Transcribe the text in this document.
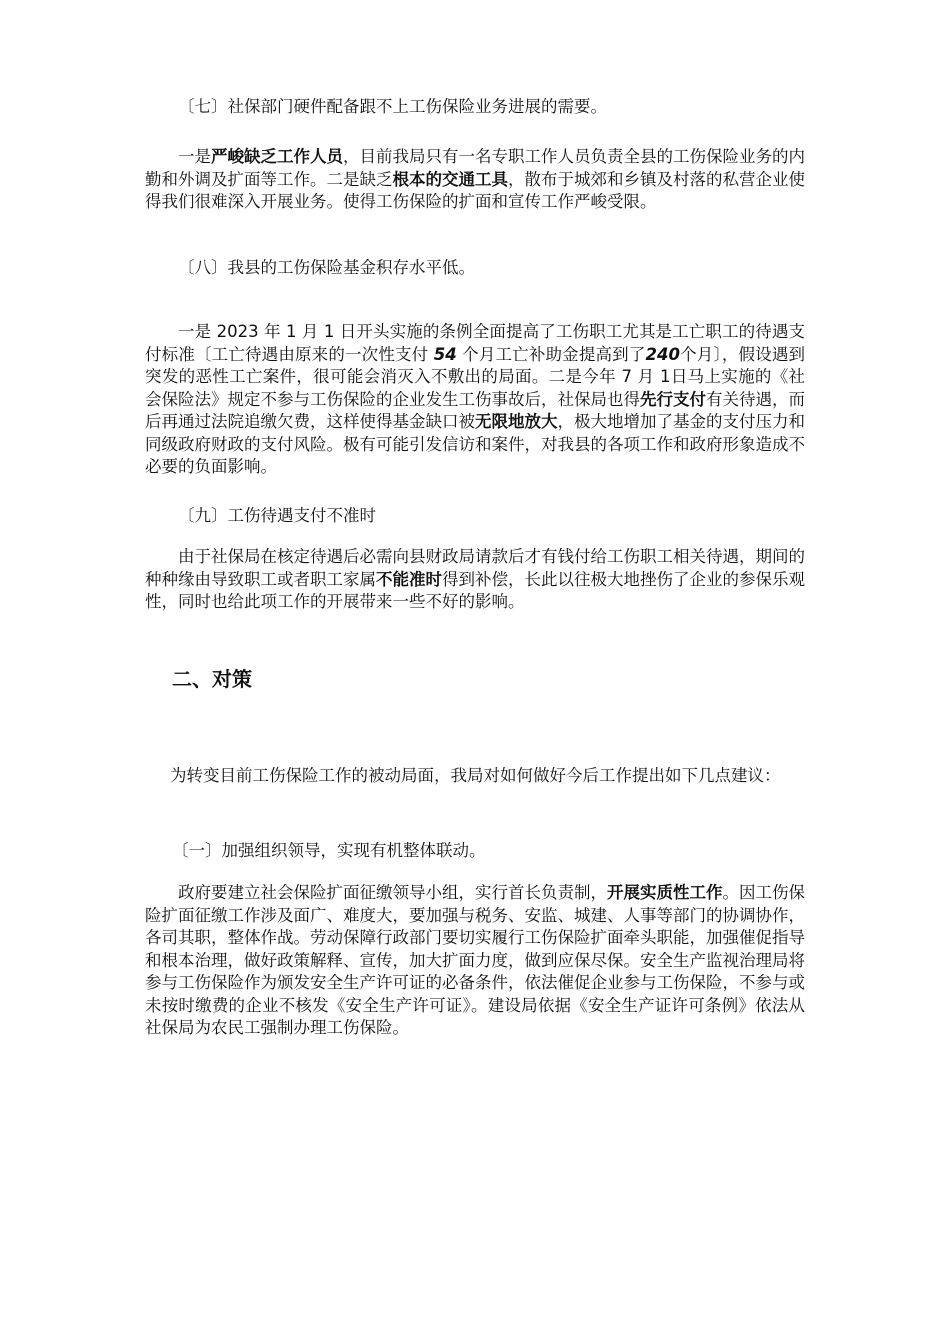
〔七〕社保部门硬件配备跟不上工伤保险业务进展的需要。

一是严峻缺乏工作人员，目前我局只有一名专职工作人员负责全县的工伤保险业务的内勤和外调及扩面等工作。二是缺乏根本的交通工具，散布于城郊和乡镇及村落的私营企业使得我们很难深入开展业务。使得工伤保险的扩面和宣传工作严峻受限。

〔八〕我县的工伤保险基金积存水平低。

一是 2023 年 1 月 1 日开头实施的条例全面提高了工伤职工尤其是工亡职工的待遇支付标准〔工亡待遇由原来的一次性支付 54 个月工亡补助金提高到了240个月〕，假设遇到突发的恶性工亡案件，很可能会消灭入不敷出的局面。二是今年 7 月 1日马上实施的《社会保险法》规定不参与工伤保险的企业发生工伤事故后，社保局也得先行支付有关待遇，而后再通过法院追缴欠费，这样使得基金缺口被无限地放大，极大地增加了基金的支付压力和同级政府财政的支付风险。极有可能引发信访和案件，对我县的各项工作和政府形象造成不必要的负面影响。

〔九〕工伤待遇支付不准时

由于社保局在核定待遇后必需向县财政局请款后才有钱付给工伤职工相关待遇，期间的种种缘由导致职工或者职工家属不能准时得到补偿，长此以往极大地挫伤了企业的参保乐观性，同时也给此项工作的开展带来一些不好的影响。

二、对策

为转变目前工伤保险工作的被动局面，我局对如何做好今后工作提出如下几点建议：

〔一〕加强组织领导，实现有机整体联动。

政府要建立社会保险扩面征缴领导小组，实行首长负责制，开展实质性工作。因工伤保险扩面征缴工作涉及面广、难度大，要加强与税务、安监、城建、人事等部门的协调协作，各司其职，整体作战。劳动保障行政部门要切实履行工伤保险扩面牵头职能，加强催促指导和根本治理，做好政策解释、宣传，加大扩面力度，做到应保尽保。安全生产监视治理局将参与工伤保险作为颁发安全生产许可证的必备条件，依法催促企业参与工伤保险，不参与或未按时缴费的企业不核发《安全生产许可证》。建设局依据《安全生产证许可条例》依法从社保局为农民工强制办理工伤保险。
